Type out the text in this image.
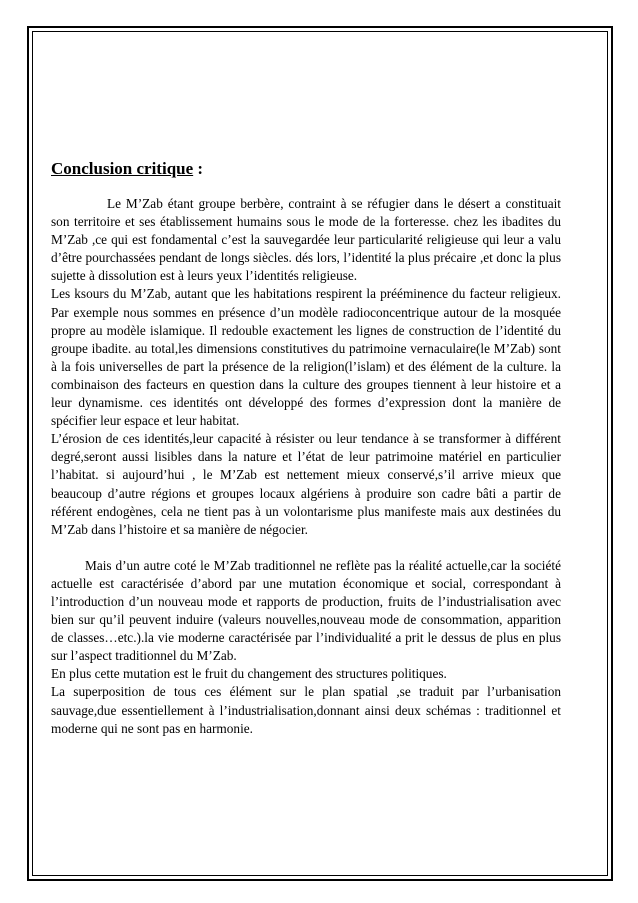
Conclusion critique :

Le M’Zab étant groupe berbère, contraint à se réfugier dans le désert a constituait son territoire et ses établissement humains sous le mode de la forteresse. chez les ibadites du M’Zab ,ce qui est fondamental c’est la sauvegardée leur particularité religieuse qui leur a valu d’être pourchassées pendant de longs siècles. dés lors, l’identité la plus précaire ,et donc la plus sujette à dissolution est à leurs yeux l’identités religieuse.

Les ksours du M’Zab, autant que les habitations respirent la prééminence du facteur religieux. Par exemple nous sommes en présence d’un modèle radioconcentrique autour de la mosquée propre au modèle islamique. Il redouble exactement les lignes de construction de l’identité du groupe ibadite. au total,les dimensions constitutives du patrimoine vernaculaire(le M’Zab) sont à la fois universelles de part la présence de la religion(l’islam) et des élément de la culture. la combinaison des facteurs en question dans la culture des groupes tiennent à leur histoire et a leur dynamisme. ces identités ont développé des formes d’expression dont la manière de spécifier leur espace et leur habitat.

L’érosion de ces identités,leur capacité à résister ou leur tendance à se transformer à différent degré,seront aussi lisibles dans la nature et l’état de leur patrimoine matériel en particulier l’habitat. si aujourd’hui , le M’Zab est nettement mieux conservé,s’il arrive mieux que beaucoup d’autre régions et groupes locaux algériens à produire son cadre bâti a partir de référent endogènes, cela ne tient pas à un volontarisme plus manifeste mais aux destinées du M’Zab dans l’histoire et sa manière de négocier.

Mais d’un autre coté le M’Zab traditionnel ne reflète pas la réalité actuelle,car la société actuelle est caractérisée d’abord par une mutation économique et social, correspondant à l’introduction d’un nouveau mode et rapports de production, fruits de l’industrialisation avec bien sur qu’il peuvent induire (valeurs nouvelles,nouveau mode de consommation, apparition de classes…etc.).la vie moderne caractérisée par l’individualité a prit le dessus de plus en plus sur l’aspect traditionnel du M’Zab.

En plus cette mutation est le fruit du changement des structures politiques.

La superposition de tous ces élément sur le plan spatial ,se traduit par l’urbanisation sauvage,due essentiellement à l’industrialisation,donnant ainsi deux schémas : traditionnel et moderne qui ne sont pas en harmonie.
